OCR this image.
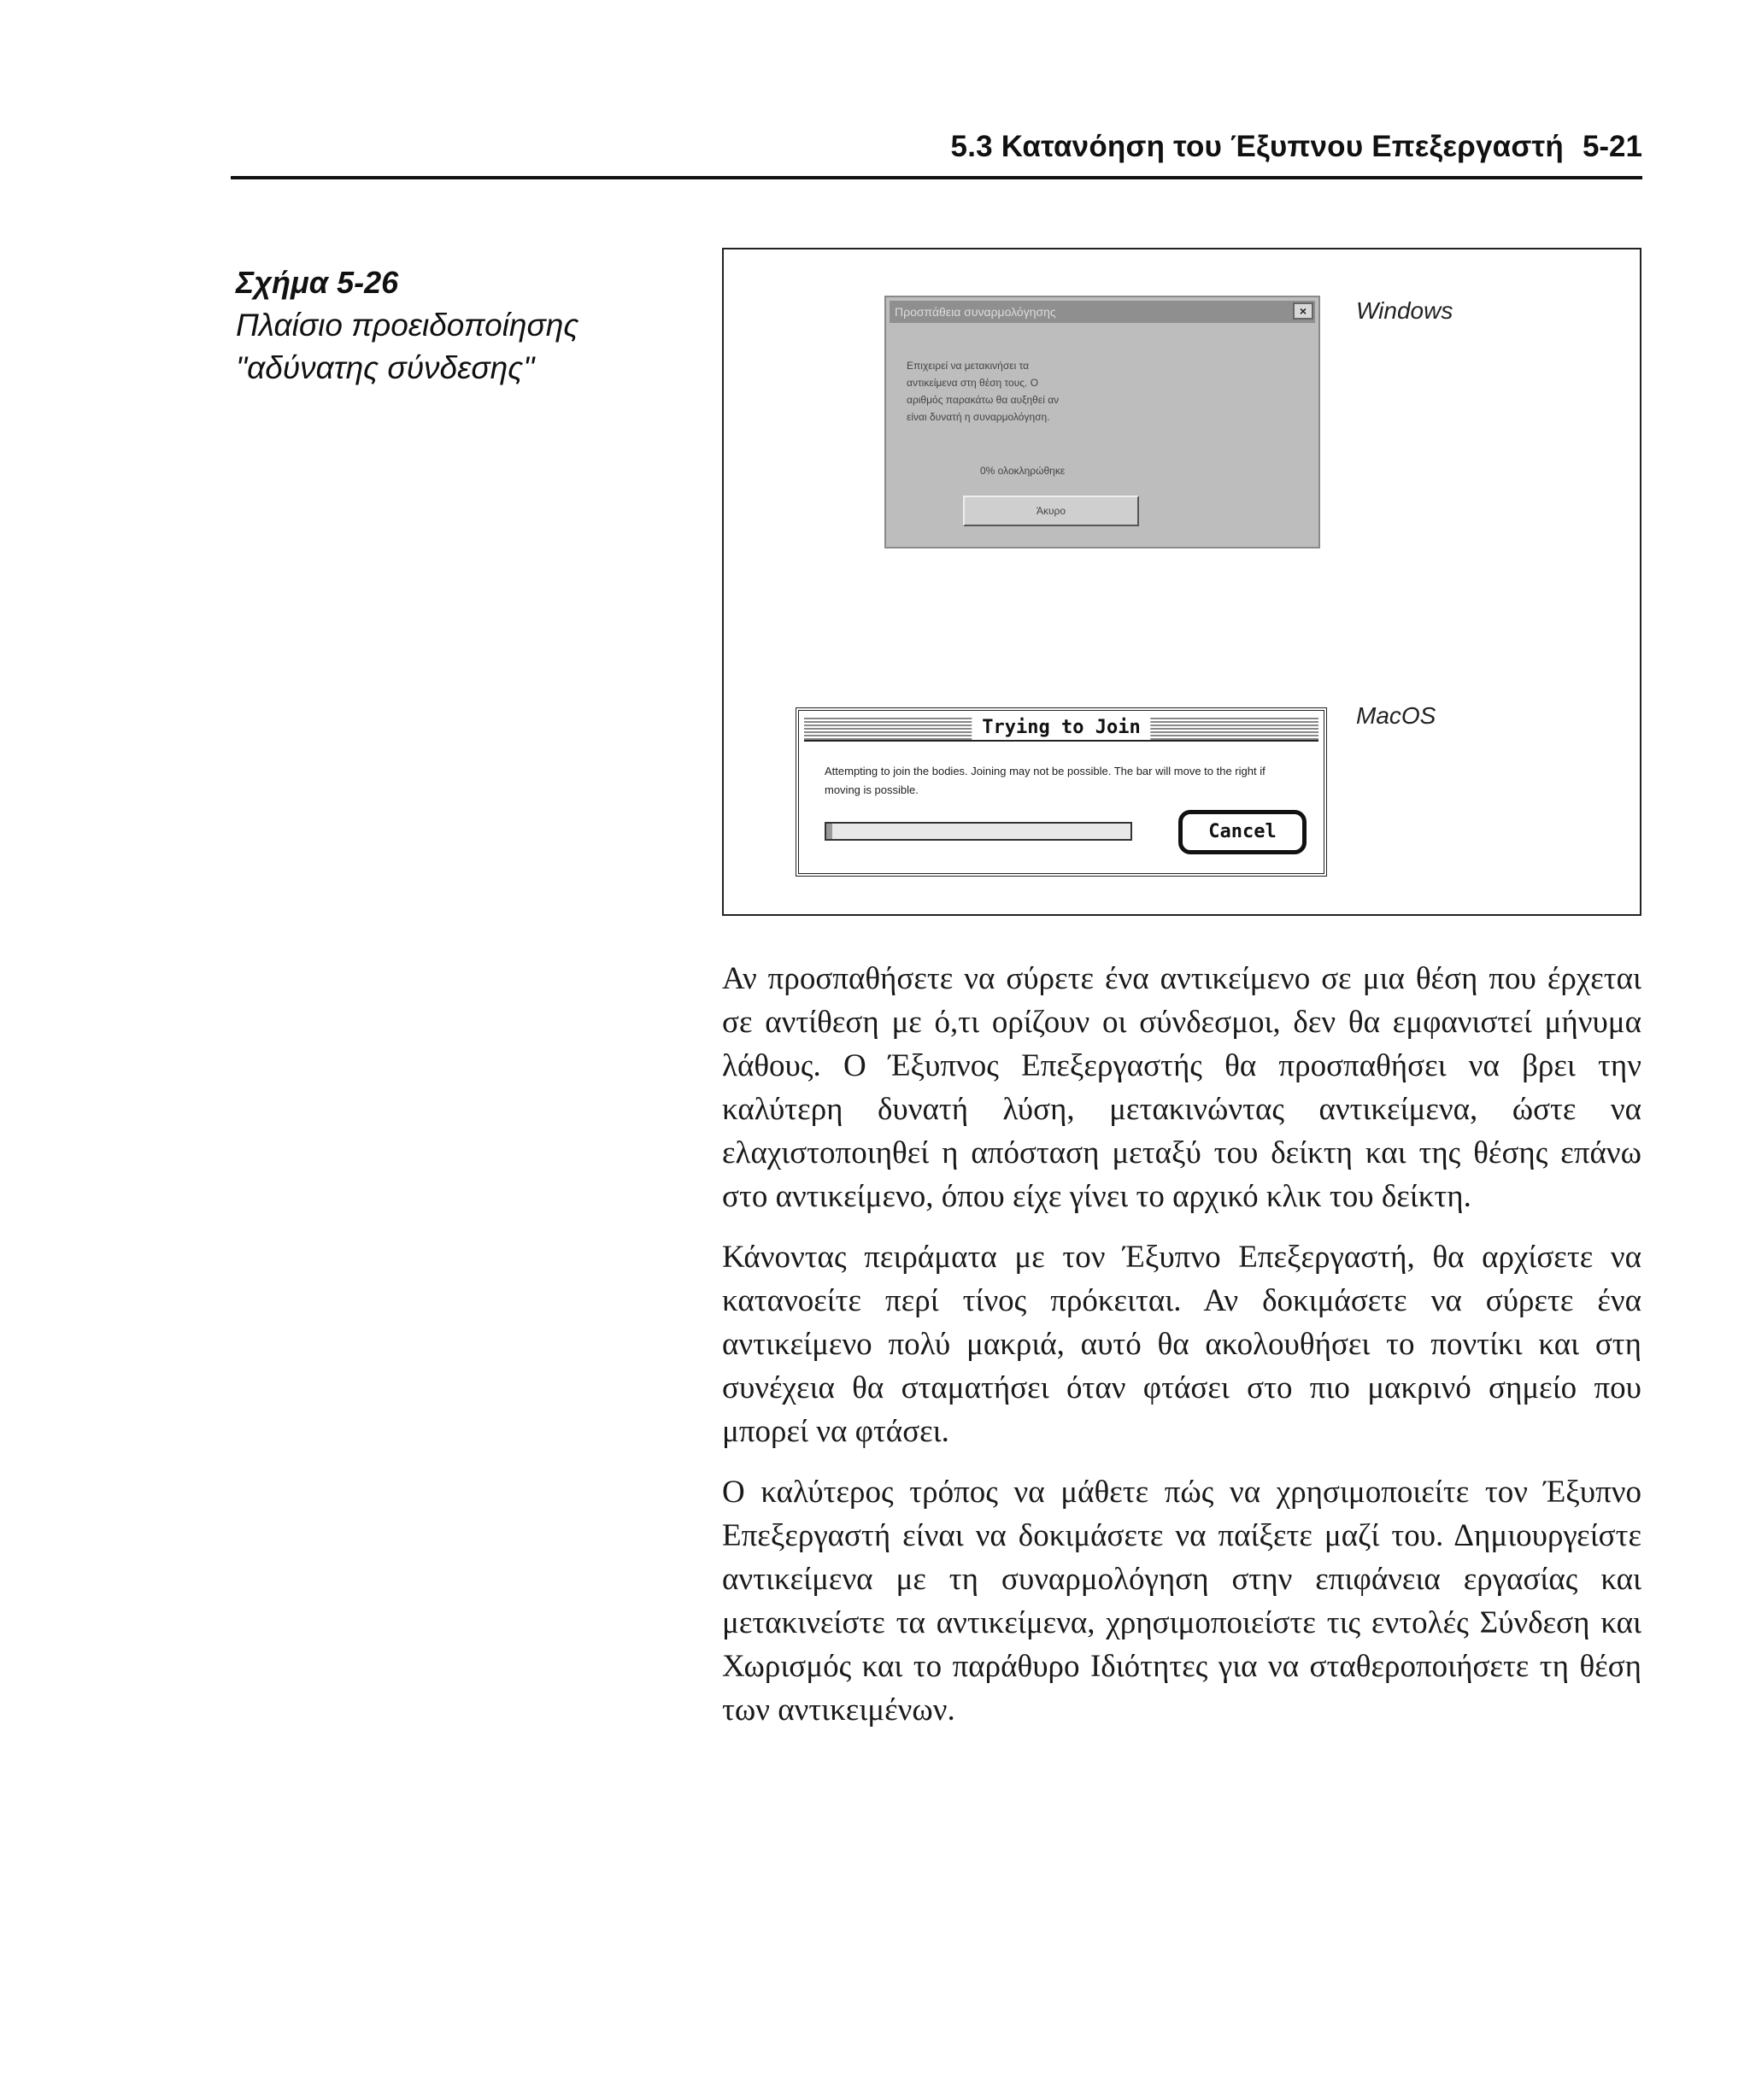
5.3 Κατανόηση του Έξυπνου Επεξεργαστή 5-21
Σχήμα 5-26
Πλαίσιο προειδοποίησης
"αδύνατης σύνδεσης"
Windows
Προσπάθεια συναρμολόγησης	×
Επιχειρεί να μετακινήσει τα
αντικείμενα στη θέση τους. Ο
αριθμός παρακάτω θα αυξηθεί αν
είναι δυνατή η συναρμολόγηση.
0% ολοκληρώθηκε
Άκυρο
MacOS
Trying to Join
Attempting to join the bodies. Joining may not be possible. The bar will move to the right if moving is possible.
Cancel

Αν προσπαθήσετε να σύρετε ένα αντικείμενο σε μια θέση που έρχεται σε αντίθεση με ό,τι ορίζουν οι σύνδεσμοι, δεν θα εμφανιστεί μήνυμα λάθους. Ο Έξυπνος Επεξεργαστής θα προσπαθήσει να βρει την καλύτερη δυνατή λύση, μετακινώντας αντικείμενα, ώστε να ελαχιστοποιηθεί η απόσταση μεταξύ του δείκτη και της θέσης επάνω στο αντικείμενο, όπου είχε γίνει το αρχικό κλικ του δείκτη.

Κάνοντας πειράματα με τον Έξυπνο Επεξεργαστή, θα αρχίσετε να κατανοείτε περί τίνος πρόκειται. Αν δοκιμάσετε να σύρετε ένα αντικείμενο πολύ μακριά, αυτό θα ακολουθήσει το ποντίκι και στη συνέχεια θα σταματήσει όταν φτάσει στο πιο μακρινό σημείο που μπορεί να φτάσει.

Ο καλύτερος τρόπος να μάθετε πώς να χρησιμοποιείτε τον Έξυπνο Επεξεργαστή είναι να δοκιμάσετε να παίξετε μαζί του. Δημιουργείστε αντικείμενα με τη συναρμολόγηση στην επιφάνεια εργασίας και μετακινείστε τα αντικείμενα, χρησιμοποιείστε τις εντολές Σύνδεση και Χωρισμός και το παράθυρο Ιδιότητες για να σταθεροποιήσετε τη θέση των αντικειμένων.
